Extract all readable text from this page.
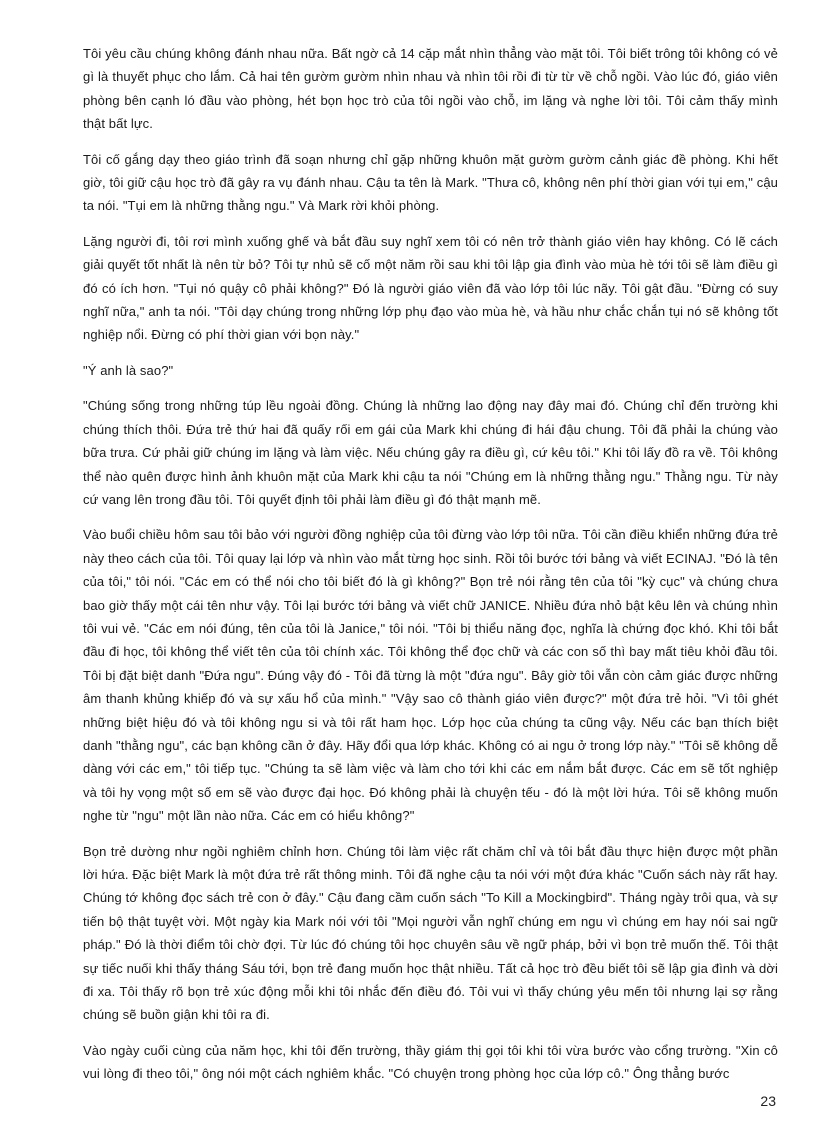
Tôi yêu cầu chúng không đánh nhau nữa. Bất ngờ cả 14 cặp mắt nhìn thẳng vào mặt tôi. Tôi biết trông tôi không có vẻ gì là thuyết phục cho lắm. Cả hai tên gườm gườm nhìn nhau và nhìn tôi rồi đi từ từ về chỗ ngồi. Vào lúc đó, giáo viên phòng bên cạnh ló đầu vào phòng, hét bọn học trò của tôi ngồi vào chỗ, im lặng và nghe lời tôi. Tôi cảm thấy mình thật bất lực.

Tôi cố gắng dạy theo giáo trình đã soạn nhưng chỉ gặp những khuôn mặt gườm gườm cảnh giác đề phòng. Khi hết giờ, tôi giữ cậu học trò đã gây ra vụ đánh nhau. Cậu ta tên là Mark. "Thưa cô, không nên phí thời gian với tụi em," cậu ta nói. "Tụi em là những thằng ngu." Và Mark rời khỏi phòng.

Lặng người đi, tôi rơi mình xuống ghế và bắt đầu suy nghĩ xem tôi có nên trở thành giáo viên hay không. Có lẽ cách giải quyết tốt nhất là nên từ bỏ? Tôi tự nhủ sẽ cố một năm rồi sau khi tôi lập gia đình vào mùa hè tới tôi sẽ làm điều gì đó có ích hơn. "Tụi nó quậy cô phải không?" Đó là người giáo viên đã vào lớp tôi lúc nãy. Tôi gật đầu. "Đừng có suy nghĩ nữa," anh ta nói. "Tôi dạy chúng trong những lớp phụ đạo vào mùa hè, và hầu như chắc chắn tụi nó sẽ không tốt nghiệp nổi. Đừng có phí thời gian với bọn này."

"Ý anh là sao?"

"Chúng sống trong những túp lều ngoài đồng. Chúng là những lao động nay đây mai đó. Chúng chỉ đến trường khi chúng thích thôi. Đứa trẻ thứ hai đã quấy rối em gái của Mark khi chúng đi hái đậu chung. Tôi đã phải la chúng vào bữa trưa. Cứ phải giữ chúng im lặng và làm việc. Nếu chúng gây ra điều gì, cứ kêu tôi." Khi tôi lấy đồ ra về. Tôi không thể nào quên được hình ảnh khuôn mặt của Mark khi cậu ta nói "Chúng em là những thằng ngu." Thằng ngu. Từ này cứ vang lên trong đầu tôi. Tôi quyết định tôi phải làm điều gì đó thật mạnh mẽ.

Vào buổi chiều hôm sau tôi bảo với người đồng nghiệp của tôi đừng vào lớp tôi nữa. Tôi cần điều khiển những đứa trẻ này theo cách của tôi. Tôi quay lại lớp và nhìn vào mắt từng học sinh. Rồi tôi bước tới bảng và viết ECINAJ. "Đó là tên của tôi," tôi nói. "Các em có thể nói cho tôi biết đó là gì không?" Bọn trẻ nói rằng tên của tôi "kỳ cục" và chúng chưa bao giờ thấy một cái tên như vậy. Tôi lại bước tới bảng và viết chữ JANICE. Nhiều đứa nhỏ bật kêu lên và chúng nhìn tôi vui vẻ. "Các em nói đúng, tên của tôi là Janice," tôi nói. "Tôi bị thiểu năng đọc, nghĩa là chứng đọc khó. Khi tôi bắt đầu đi học, tôi không thể viết tên của tôi chính xác. Tôi không thể đọc chữ và các con số thì bay mất tiêu khỏi đầu tôi. Tôi bị đặt biệt danh "Đứa ngu". Đúng vậy đó - Tôi đã từng là một "đứa ngu". Bây giờ tôi vẫn còn cảm giác được những âm thanh khủng khiếp đó và sự xấu hổ của mình." "Vậy sao cô thành giáo viên được?" một đứa trẻ hỏi. "Vì tôi ghét những biệt hiệu đó và tôi không ngu si và tôi rất ham học. Lớp học của chúng ta cũng vậy. Nếu các bạn thích biệt danh "thằng ngu", các bạn không cần ở đây. Hãy đổi qua lớp khác. Không có ai ngu ở trong lớp này." "Tôi sẽ không dễ dàng với các em," tôi tiếp tục. "Chúng ta sẽ làm việc và làm cho tới khi các em nắm bắt được. Các em sẽ tốt nghiệp và tôi hy vọng một số em sẽ vào được đại học. Đó không phải là chuyện tếu - đó là một lời hứa. Tôi sẽ không muốn nghe từ "ngu" một lần nào nữa. Các em có hiểu không?"

Bọn trẻ dường như ngồi nghiêm chỉnh hơn. Chúng tôi làm việc rất chăm chỉ và tôi bắt đầu thực hiện được một phần lời hứa. Đặc biệt Mark là một đứa trẻ rất thông minh. Tôi đã nghe cậu ta nói với một đứa khác "Cuốn sách này rất hay. Chúng tớ không đọc sách trẻ con ở đây." Cậu đang cầm cuốn sách "To Kill a Mockingbird". Tháng ngày trôi qua, và sự tiến bộ thật tuyệt vời. Một ngày kia Mark nói với tôi "Mọi người vẫn nghĩ chúng em ngu vì chúng em hay nói sai ngữ pháp." Đó là thời điểm tôi chờ đợi. Từ lúc đó chúng tôi học chuyên sâu về ngữ pháp, bởi vì bọn trẻ muốn thế. Tôi thật sự tiếc nuối khi thấy tháng Sáu tới, bọn trẻ đang muốn học thật nhiều. Tất cả học trò đều biết tôi sẽ lập gia đình và dời đi xa. Tôi thấy rõ bọn trẻ xúc động mỗi khi tôi nhắc đến điều đó. Tôi vui vì thấy chúng yêu mến tôi nhưng lại sợ rằng chúng sẽ buồn giận khi tôi ra đi.

Vào ngày cuối cùng của năm học, khi tôi đến trường, thầy giám thị gọi tôi khi tôi vừa bước vào cổng trường. "Xin cô vui lòng đi theo tôi," ông nói một cách nghiêm khắc. "Có chuyện trong phòng học của lớp cô." Ông thẳng bước

23
